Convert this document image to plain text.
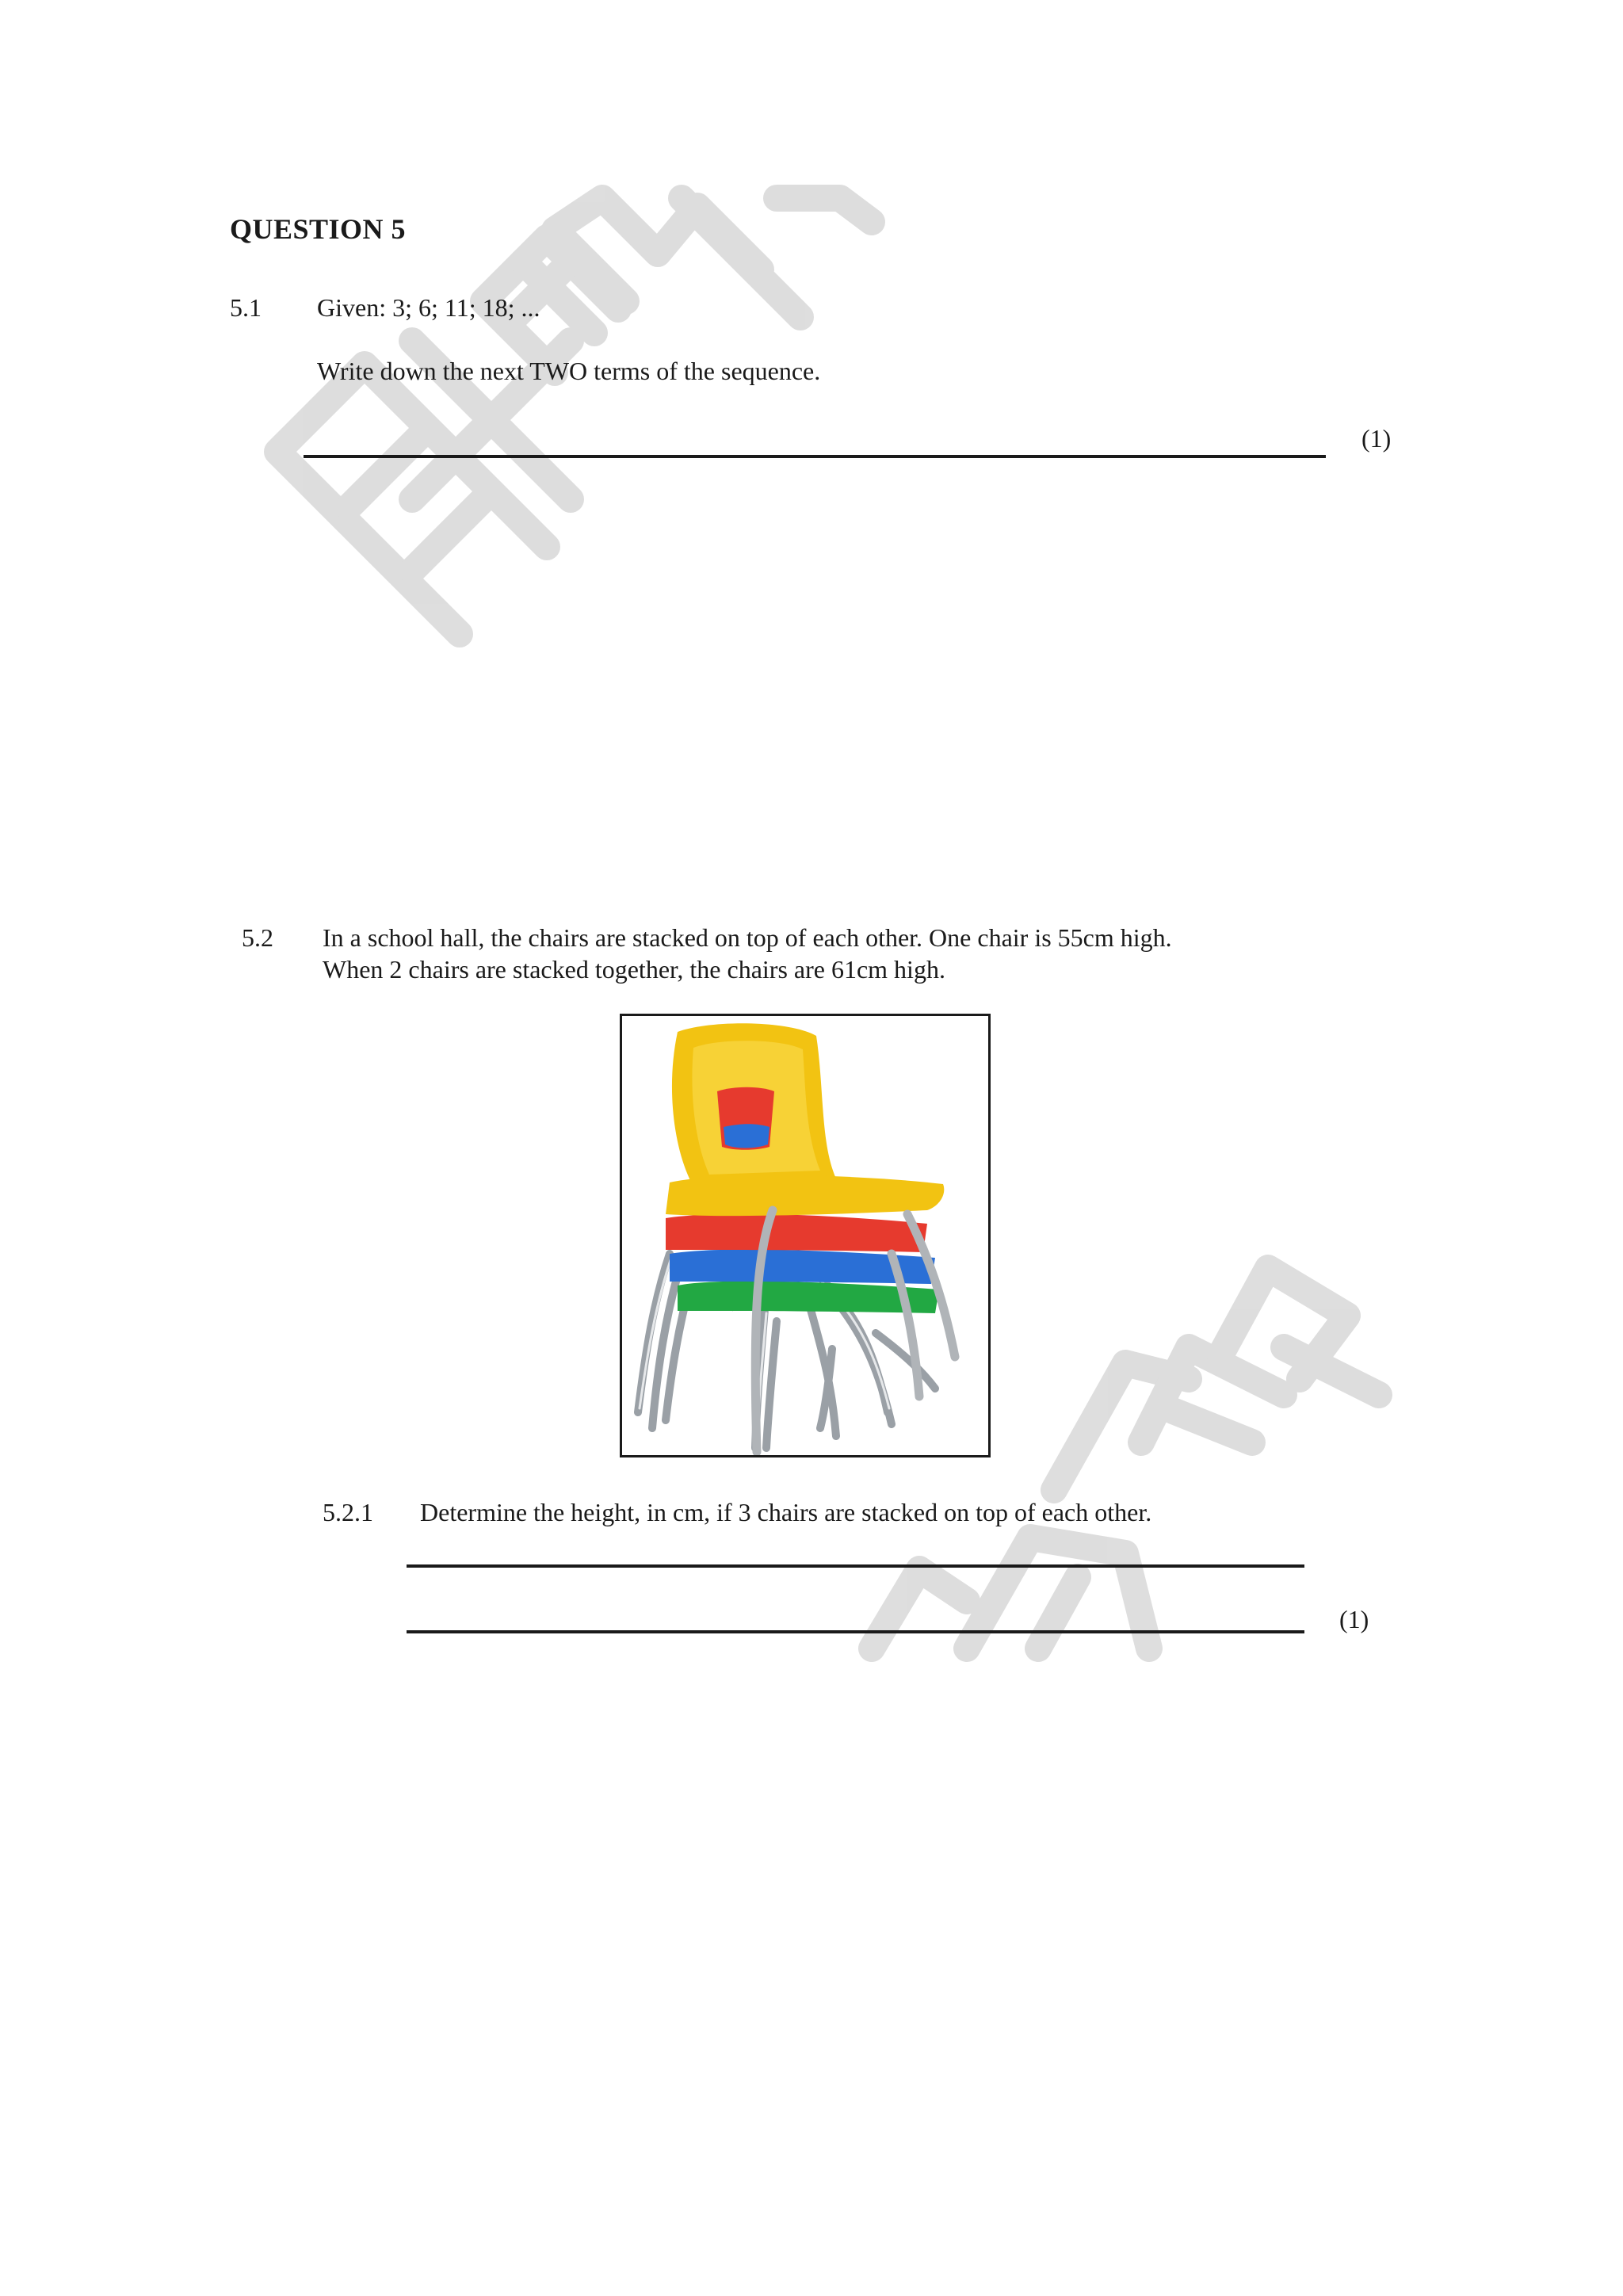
QUESTION 5
5.1 Given: 3; 6; 11; 18; ...
Write down the next TWO terms of the sequence.
(1)
5.2 In a school hall, the chairs are stacked on top of each other. One chair is 55cm high.
When 2 chairs are stacked together, the chairs are 61cm high.
5.2.1 Determine the height, in cm, if 3 chairs are stacked on top of each other.
(1)
